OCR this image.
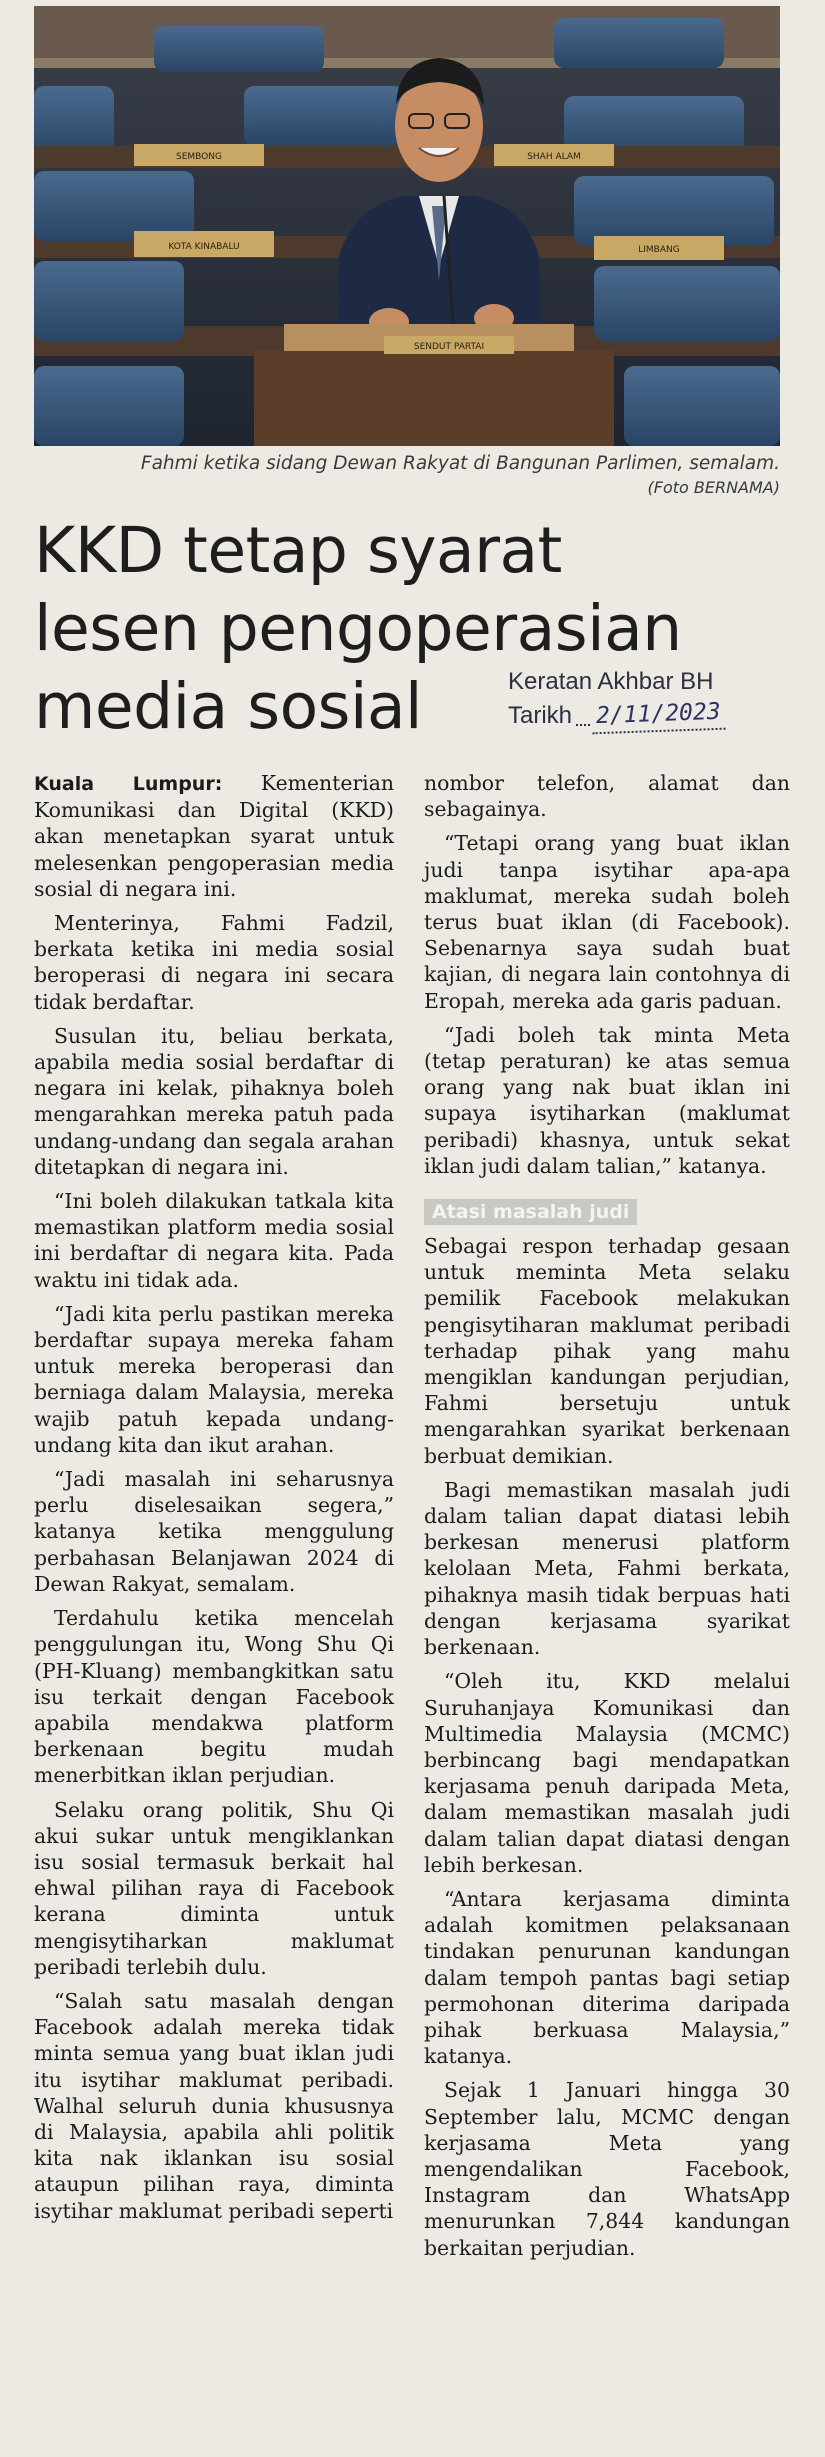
KOTA KINABALU	LIMBANG
SHAH ALAM
SEMBONG
SENDUT PARTAI
Fahmi ketika sidang Dewan Rakyat di Bangunan Parlimen, semalam.
(Foto BERNAMA)
KKD tetap syarat
lesen pengoperasian
media sosial	Keratan Akhbar BH
Tarikh 2/11/2023

Kuala Lumpur: Kementerian Komunikasi dan Digital (KKD) akan menetapkan syarat untuk melesenkan pengoperasian media sosial di negara ini.

Menterinya, Fahmi Fadzil, berkata ketika ini media sosial beroperasi di negara ini secara tidak berdaftar.

Susulan itu, beliau berkata, apabila media sosial berdaftar di negara ini kelak, pihaknya boleh mengarahkan mereka patuh pada undang-undang dan segala arahan ditetapkan di negara ini.

“Ini boleh dilakukan tatkala kita memastikan platform media sosial ini berdaftar di negara kita. Pada waktu ini tidak ada.

“Jadi kita perlu pastikan mereka berdaftar supaya mereka faham untuk mereka beroperasi dan berniaga dalam Malaysia, mereka wajib patuh kepada undang-undang kita dan ikut arahan.

“Jadi masalah ini seharusnya perlu diselesaikan segera,” katanya ketika menggulung perbahasan Belanjawan 2024 di Dewan Rakyat, semalam.

Terdahulu ketika mencelah penggulungan itu, Wong Shu Qi (PH-Kluang) membangkitkan satu isu terkait dengan Facebook apabila mendakwa platform berkenaan begitu mudah menerbitkan iklan perjudian.

Selaku orang politik, Shu Qi akui sukar untuk mengiklankan isu sosial termasuk berkait hal ehwal pilihan raya di Facebook kerana diminta untuk mengisytiharkan maklumat peribadi terlebih dulu.

“Salah satu masalah dengan Facebook adalah mereka tidak minta semua yang buat iklan judi itu isytihar maklumat peribadi. Walhal seluruh dunia khususnya di Malaysia, apabila ahli politik kita nak iklankan isu sosial ataupun pilihan raya, diminta isytihar maklumat peribadi seperti

nombor telefon, alamat dan sebagainya.

“Tetapi orang yang buat iklan judi tanpa isytihar apa-apa maklumat, mereka sudah boleh terus buat iklan (di Facebook). Sebenarnya saya sudah buat kajian, di negara lain contohnya di Eropah, mereka ada garis paduan.

“Jadi boleh tak minta Meta (tetap peraturan) ke atas semua orang yang nak buat iklan ini supaya isytiharkan (maklumat peribadi) khasnya, untuk sekat iklan judi dalam talian,” katanya.

Atasi masalah judi

Sebagai respon terhadap gesaan untuk meminta Meta selaku pemilik Facebook melakukan pengisytiharan maklumat peribadi terhadap pihak yang mahu mengiklan kandungan perjudian, Fahmi bersetuju untuk mengarahkan syarikat berkenaan berbuat demikian.

Bagi memastikan masalah judi dalam talian dapat diatasi lebih berkesan menerusi platform kelolaan Meta, Fahmi berkata, pihaknya masih tidak berpuas hati dengan kerjasama syarikat berkenaan.

“Oleh itu, KKD melalui Suruhanjaya Komunikasi dan Multimedia Malaysia (MCMC) berbincang bagi mendapatkan kerjasama penuh daripada Meta, dalam memastikan masalah judi dalam talian dapat diatasi dengan lebih berkesan.

“Antara kerjasama diminta adalah komitmen pelaksanaan tindakan penurunan kandungan dalam tempoh pantas bagi setiap permohonan diterima daripada pihak berkuasa Malaysia,” katanya.

Sejak 1 Januari hingga 30 September lalu, MCMC dengan kerjasama Meta yang mengendalikan Facebook, Instagram dan WhatsApp menurunkan 7,844 kandungan berkaitan perjudian.
